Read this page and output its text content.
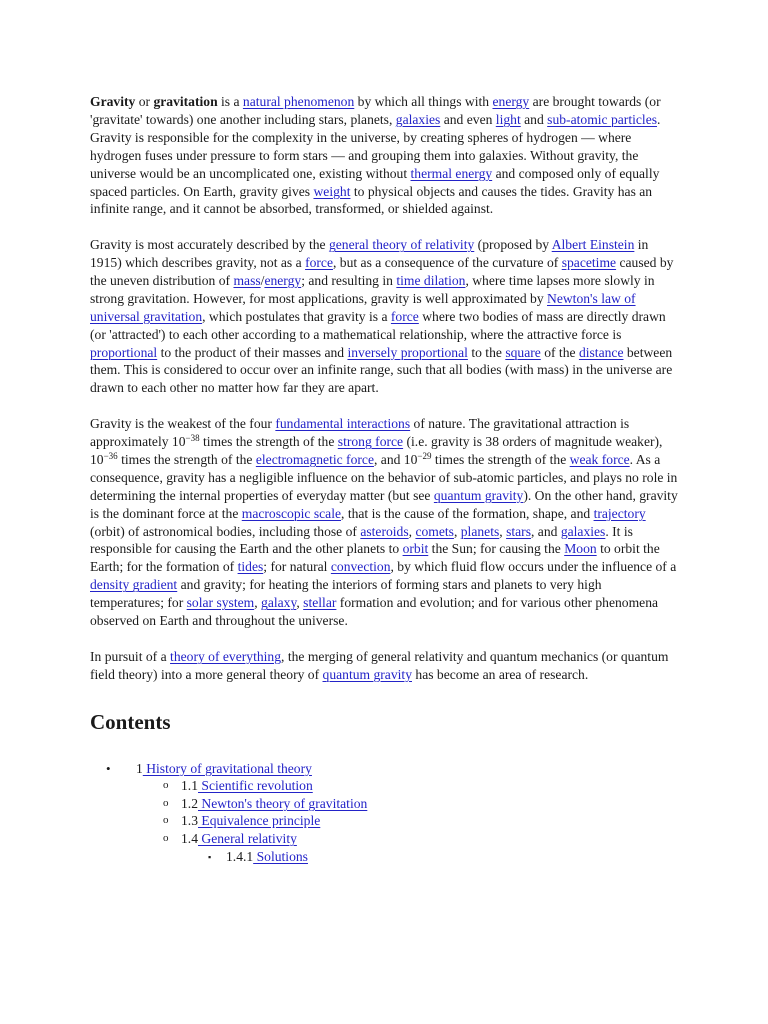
Gravity or gravitation is a natural phenomenon by which all things with energy are brought towards (or 'gravitate' towards) one another including stars, planets, galaxies and even light and sub-atomic particles. Gravity is responsible for the complexity in the universe, by creating spheres of hydrogen — where hydrogen fuses under pressure to form stars — and grouping them into galaxies. Without gravity, the universe would be an uncomplicated one, existing without thermal energy and composed only of equally spaced particles. On Earth, gravity gives weight to physical objects and causes the tides. Gravity has an infinite range, and it cannot be absorbed, transformed, or shielded against.

Gravity is most accurately described by the general theory of relativity (proposed by Albert Einstein in 1915) which describes gravity, not as a force, but as a consequence of the curvature of spacetime caused by the uneven distribution of mass/energy; and resulting in time dilation, where time lapses more slowly in strong gravitation. However, for most applications, gravity is well approximated by Newton's law of universal gravitation, which postulates that gravity is a force where two bodies of mass are directly drawn (or 'attracted') to each other according to a mathematical relationship, where the attractive force is proportional to the product of their masses and inversely proportional to the square of the distance between them. This is considered to occur over an infinite range, such that all bodies (with mass) in the universe are drawn to each other no matter how far they are apart.

Gravity is the weakest of the four fundamental interactions of nature. The gravitational attraction is approximately $10^{-38}$ times the strength of the strong force (i.e. gravity is 38 orders of magnitude weaker), $10^{-36}$ times the strength of the electromagnetic force, and $10^{-29}$ times the strength of the weak force. As a consequence, gravity has a negligible influence on the behavior of sub-atomic particles, and plays no role in determining the internal properties of everyday matter (but see quantum gravity). On the other hand, gravity is the dominant force at the macroscopic scale, that is the cause of the formation, shape, and trajectory (orbit) of astronomical bodies, including those of asteroids, comets, planets, stars, and galaxies. It is responsible for causing the Earth and the other planets to orbit the Sun; for causing the Moon to orbit the Earth; for the formation of tides; for natural convection, by which fluid flow occurs under the influence of a density gradient and gravity; for heating the interiors of forming stars and planets to very high temperatures; for solar system, galaxy, stellar formation and evolution; and for various other phenomena observed on Earth and throughout the universe.

In pursuit of a theory of everything, the merging of general relativity and quantum mechanics (or quantum field theory) into a more general theory of quantum gravity has become an area of research.

Contents
• 1 History of gravitational theory
o 1.1 Scientific revolution
o 1.2 Newton's theory of gravitation
o 1.3 Equivalence principle
o 1.4 General relativity
▪ 1.4.1 Solutions
